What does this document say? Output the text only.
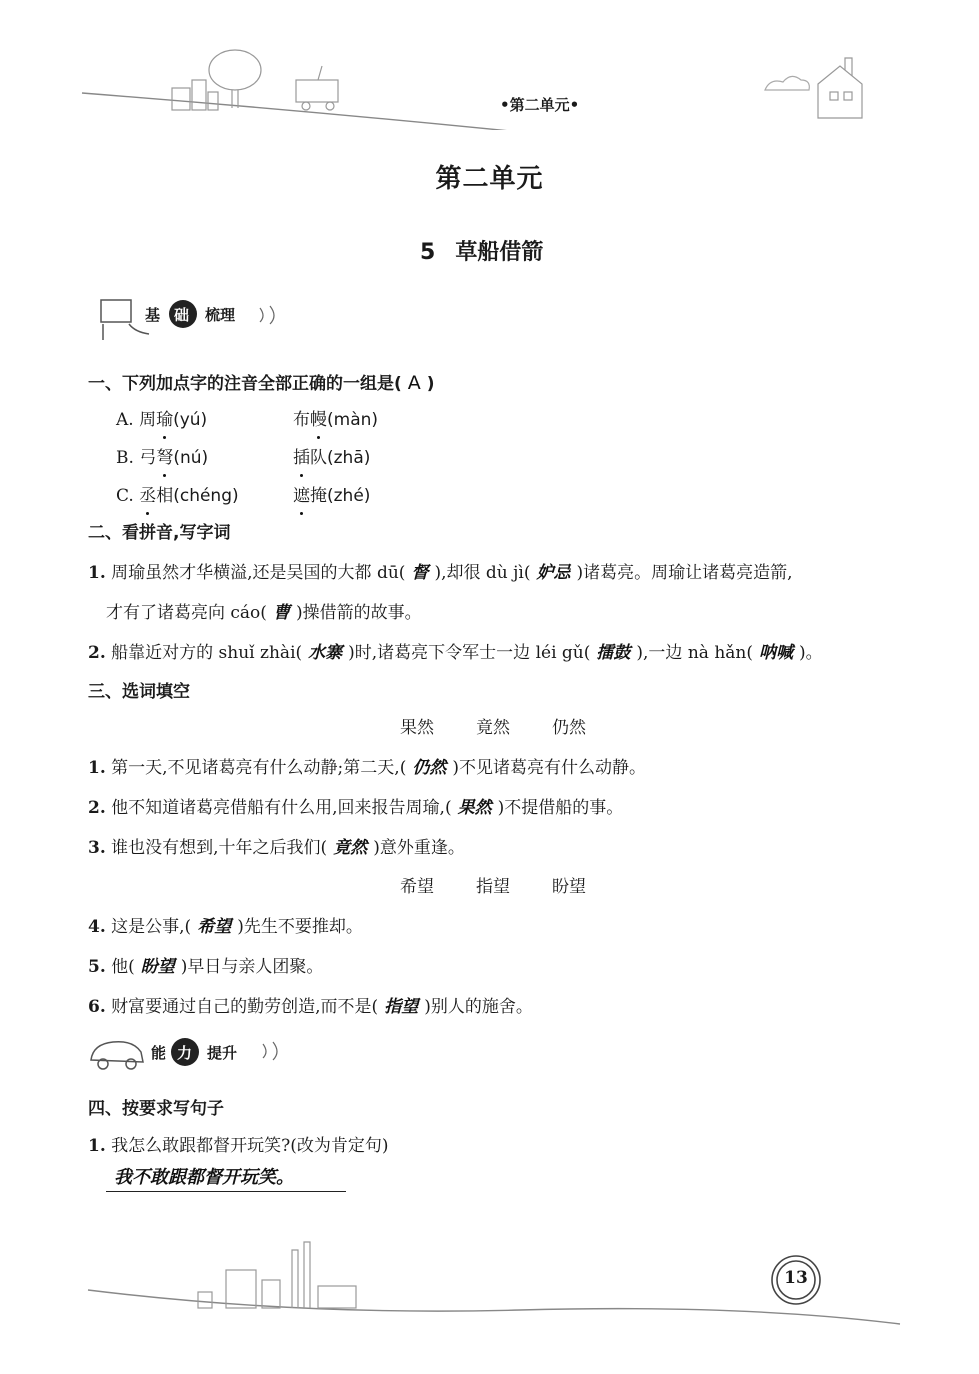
•第二单元•
第二单元
5 草船借箭
基 础 梳理
一、下列加点字的注音全部正确的一组是( A )
A. 周瑜(yú)	布幔(màn)
B. 弓弩(nú)	插队(zhā)
C. 丞相(chéng)	遮掩(zhé)
二、看拼音,写字词
1. 周瑜虽然才华横溢,还是吴国的大都 dū( 督 ),却很 dù jì( 妒忌 )诸葛亮。周瑜让诸葛亮造箭,
才有了诸葛亮向 cáo( 曹 )操借箭的故事。
2. 船靠近对方的 shuǐ zhài( 水寨 )时,诸葛亮下令军士一边 léi gǔ( 擂鼓 ),一边 nà hǎn( 呐喊 )。
三、选词填空
果然 竟然 仍然
1. 第一天,不见诸葛亮有什么动静;第二天,( 仍然 )不见诸葛亮有什么动静。
2. 他不知道诸葛亮借船有什么用,回来报告周瑜,( 果然 )不提借船的事。
3. 谁也没有想到,十年之后我们( 竟然 )意外重逢。
希望 指望 盼望
4. 这是公事,( 希望 )先生不要推却。
5. 他( 盼望 )早日与亲人团聚。
6. 财富要通过自己的勤劳创造,而不是( 指望 )别人的施舍。
能 力 提升
四、按要求写句子
1. 我怎么敢跟都督开玩笑?(改为肯定句)
我不敢跟都督开玩笑。
13
